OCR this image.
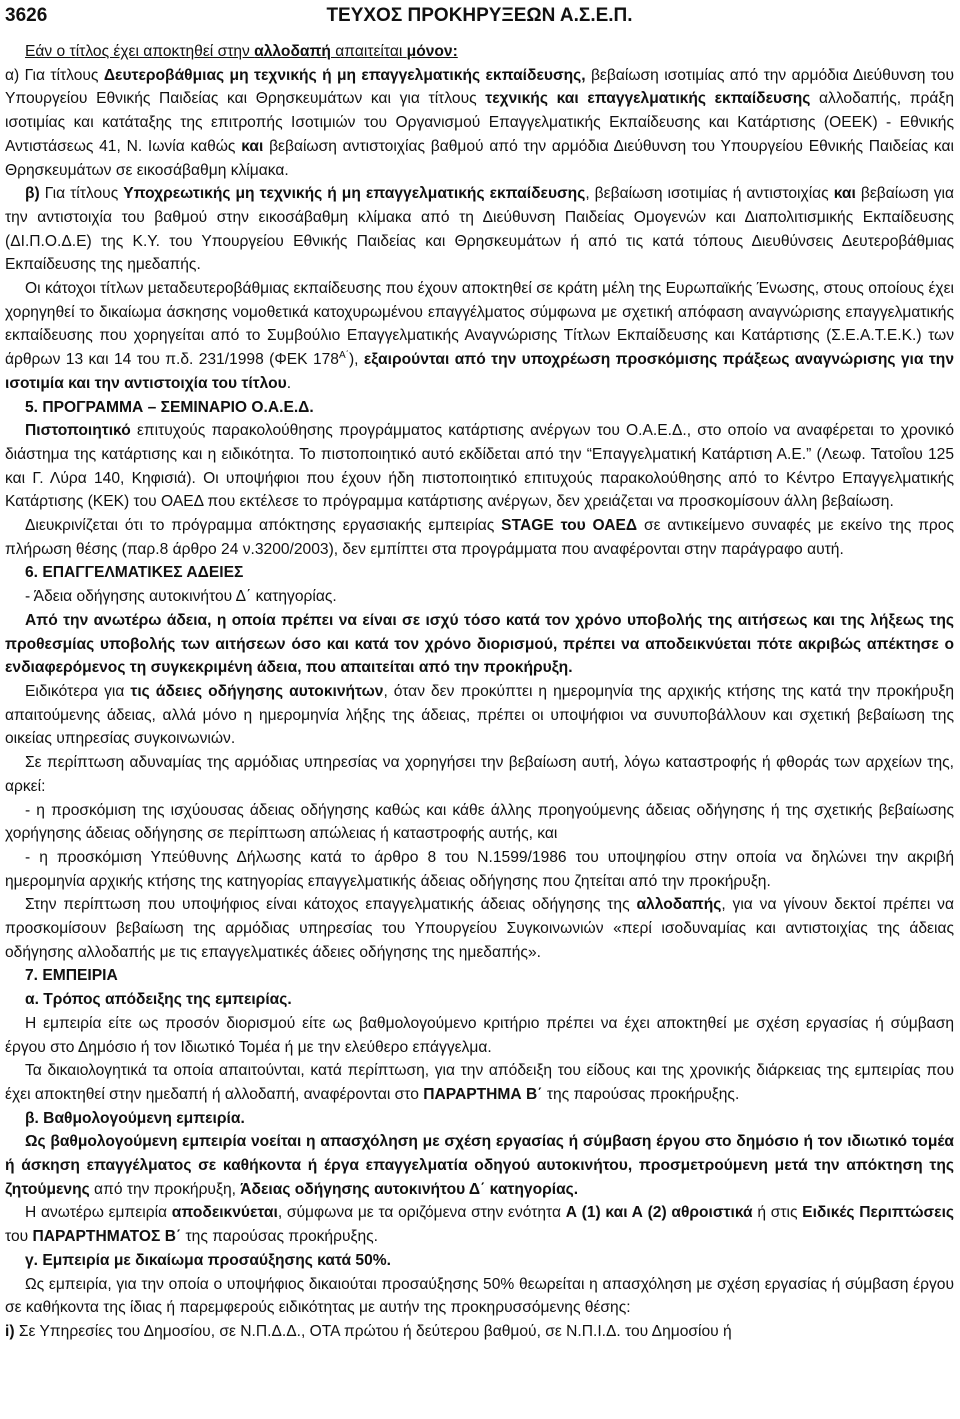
3626	ΤΕΥΧΟΣ ΠΡΟΚΗΡΥΞΕΩΝ Α.Σ.Ε.Π.

Εάν ο τίτλος έχει αποκτηθεί στην αλλοδαπή απαιτείται μόνον:

α) Για τίτλους Δευτεροβάθμιας μη τεχνικής ή μη επαγγελματικής εκπαίδευσης, βεβαίωση ισοτιμίας από την αρμόδια Διεύθυνση του Υπουργείου Εθνικής Παιδείας και Θρησκευμάτων και για τίτλους τεχνικής και επαγγελματικής εκπαίδευσης αλλοδαπής, πράξη ισοτιμίας και κατάταξης της επιτροπής Ισοτιμιών του Οργανισμού Επαγγελματικής Εκπαίδευσης και Κατάρτισης (ΟΕΕΚ) - Εθνικής Αντιστάσεως 41, Ν. Ιωνία καθώς και βεβαίωση αντιστοιχίας βαθμού από την αρμόδια Διεύθυνση του Υπουργείου Εθνικής Παιδείας και Θρησκευμάτων σε εικοσάβαθμη κλίμακα.

β) Για τίτλους Υποχρεωτικής μη τεχνικής ή μη επαγγελματικής εκπαίδευσης, βεβαίωση ισοτιμίας ή αντιστοιχίας και βεβαίωση για την αντιστοιχία του βαθμού στην εικοσάβαθμη κλίμακα από τη Διεύθυνση Παιδείας Ομογενών και Διαπολιτισμικής Εκπαίδευσης (ΔΙ.Π.Ο.Δ.Ε) της Κ.Υ. του Υπουργείου Εθνικής Παιδείας και Θρησκευμάτων ή από τις κατά τόπους Διευθύνσεις Δευτεροβάθμιας Εκπαίδευσης της ημεδαπής.

Οι κάτοχοι τίτλων μεταδευτεροβάθμιας εκπαίδευσης που έχουν αποκτηθεί σε κράτη μέλη της Ευρωπαϊκής Ένωσης, στους οποίους έχει χορηγηθεί το δικαίωμα άσκησης νομοθετικά κατοχυρωμένου επαγγέλματος σύμφωνα με σχετική απόφαση αναγνώρισης επαγγελματικής εκπαίδευσης που χορηγείται από το Συμβούλιο Επαγγελματικής Αναγνώρισης Τίτλων Εκπαίδευσης και Κατάρτισης (Σ.Ε.Α.Τ.Ε.Κ.) των άρθρων 13 και 14 του π.δ. 231/1998 (ΦΕΚ $178^{A΄}$), εξαιρούνται από την υποχρέωση προσκόμισης πράξεως αναγνώρισης για την ισοτιμία και την αντιστοιχία του τίτλου.

5. ΠΡΟΓΡΑΜΜΑ – ΣΕΜΙΝΑΡΙΟ Ο.Α.Ε.Δ.

Πιστοποιητικό επιτυχούς παρακολούθησης προγράμματος κατάρτισης ανέργων του Ο.Α.Ε.Δ., στο οποίο να αναφέρεται το χρονικό διάστημα της κατάρτισης και η ειδικότητα. Το πιστοποιητικό αυτό εκδίδεται από την “Επαγγελματική Κατάρτιση Α.Ε.” (Λεωφ. Τατοΐου 125 και Γ. Λύρα 140, Κηφισιά). Οι υποψήφιοι που έχουν ήδη πιστοποιητικό επιτυχούς παρακολούθησης από το Κέντρο Επαγγελματικής Κατάρτισης (ΚΕΚ) του ΟΑΕΔ που εκτέλεσε το πρόγραμμα κατάρτισης ανέργων, δεν χρειάζεται να προσκομίσουν άλλη βεβαίωση.

Διευκρινίζεται ότι το πρόγραμμα απόκτησης εργασιακής εμπειρίας STAGE του ΟΑΕΔ σε αντικείμενο συναφές με εκείνο της προς πλήρωση θέσης (παρ.8 άρθρο 24 ν.3200/2003), δεν εμπίπτει στα προγράμματα που αναφέρονται στην παράγραφο αυτή.

6. ΕΠΑΓΓΕΛΜΑΤΙΚΕΣ ΑΔΕΙΕΣ

- Άδεια οδήγησης αυτοκινήτου Δ΄ κατηγορίας.

Από την ανωτέρω άδεια, η οποία πρέπει να είναι σε ισχύ τόσο κατά τον χρόνο υποβολής της αιτήσεως και της λήξεως της προθεσμίας υποβολής των αιτήσεων όσο και κατά τον χρόνο διορισμού, πρέπει να αποδεικνύεται πότε ακριβώς απέκτησε ο ενδιαφερόμενος τη συγκεκριμένη άδεια, που απαιτείται από την προκήρυξη.

Ειδικότερα για τις άδειες οδήγησης αυτοκινήτων, όταν δεν προκύπτει η ημερομηνία της αρχικής κτήσης της κατά την προκήρυξη απαιτούμενης άδειας, αλλά μόνο η ημερομηνία λήξης της άδειας, πρέπει οι υποψήφιοι να συνυποβάλλουν και σχετική βεβαίωση της οικείας υπηρεσίας συγκοινωνιών.

Σε περίπτωση αδυναμίας της αρμόδιας υπηρεσίας να χορηγήσει την βεβαίωση αυτή, λόγω καταστροφής ή φθοράς των αρχείων της, αρκεί:

- η προσκόμιση της ισχύουσας άδειας οδήγησης καθώς και κάθε άλλης προηγούμενης άδειας οδήγησης ή της σχετικής βεβαίωσης χορήγησης άδειας οδήγησης σε περίπτωση απώλειας ή καταστροφής αυτής, και

- η προσκόμιση Υπεύθυνης Δήλωσης κατά το άρθρο 8 του Ν.1599/1986 του υποψηφίου στην οποία να δηλώνει την ακριβή ημερομηνία αρχικής κτήσης της κατηγορίας επαγγελματικής άδειας οδήγησης που ζητείται από την προκήρυξη.

Στην περίπτωση που υποψήφιος είναι κάτοχος επαγγελματικής άδειας οδήγησης της αλλοδαπής, για να γίνουν δεκτοί πρέπει να προσκομίσουν βεβαίωση της αρμόδιας υπηρεσίας του Υπουργείου Συγκοινωνιών «περί ισοδυναμίας και αντιστοιχίας της άδειας οδήγησης αλλοδαπής με τις επαγγελματικές άδειες οδήγησης της ημεδαπής».

7. ΕΜΠΕΙΡΙΑ

α. Τρόπος απόδειξης της εμπειρίας.

Η εμπειρία είτε ως προσόν διορισμού είτε ως βαθμολογούμενο κριτήριο πρέπει να έχει αποκτηθεί με σχέση εργασίας ή σύμβαση έργου στο Δημόσιο ή τον Ιδιωτικό Τομέα ή με την ελεύθερο επάγγελμα.

Τα δικαιολογητικά τα οποία απαιτούνται, κατά περίπτωση, για την απόδειξη του είδους και της χρονικής διάρκειας της εμπειρίας που έχει αποκτηθεί στην ημεδαπή ή αλλοδαπή, αναφέρονται στο ΠΑΡΑΡΤΗΜΑ Β΄ της παρούσας προκήρυξης.

β. Βαθμολογούμενη εμπειρία.

Ως βαθμολογούμενη εμπειρία νοείται η απασχόληση με σχέση εργασίας ή σύμβαση έργου στο δημόσιο ή τον ιδιωτικό τομέα ή άσκηση επαγγέλματος σε καθήκοντα ή έργα επαγγελματία οδηγού αυτοκινήτου, προσμετρούμενη μετά την απόκτηση της ζητούμενης από την προκήρυξη, Άδειας οδήγησης αυτοκινήτου Δ΄ κατηγορίας.

Η ανωτέρω εμπειρία αποδεικνύεται, σύμφωνα με τα οριζόμενα στην ενότητα Α (1) και Α (2) αθροιστικά ή στις Ειδικές Περιπτώσεις του ΠΑΡΑΡΤΗΜΑΤΟΣ Β΄ της παρούσας προκήρυξης.

γ. Εμπειρία με δικαίωμα προσαύξησης κατά 50%.

Ως εμπειρία, για την οποία ο υποψήφιος δικαιούται προσαύξησης 50% θεωρείται η απασχόληση με σχέση εργασίας ή σύμβαση έργου σε καθήκοντα της ίδιας ή παρεμφερούς ειδικότητας με αυτήν της προκηρυσσόμενης θέσης:

i) Σε Υπηρεσίες του Δημοσίου, σε Ν.Π.Δ.Δ., ΟΤΑ πρώτου ή δεύτερου βαθμού, σε Ν.Π.Ι.Δ. του Δημοσίου ή
